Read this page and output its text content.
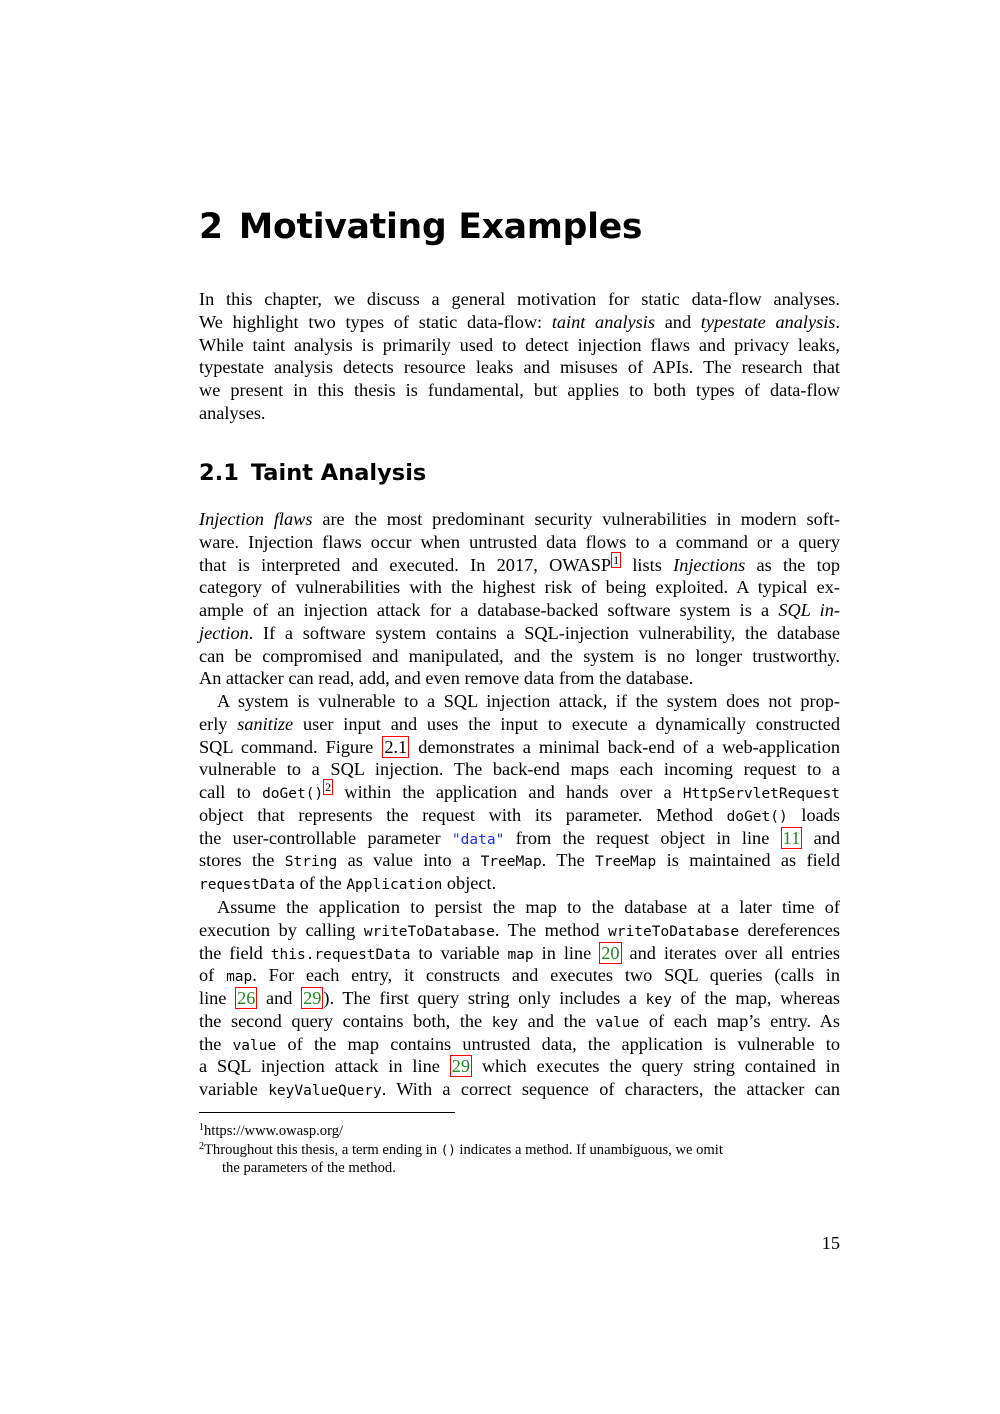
2 Motivating Examples
In this chapter, we discuss a general motivation for static data-flow analyses.
We highlight two types of static data-flow: taint analysis and typestate analysis.
While taint analysis is primarily used to detect injection flaws and privacy leaks,
typestate analysis detects resource leaks and misuses of APIs. The research that
we present in this thesis is fundamental, but applies to both types of data-flow
analyses.
2.1 Taint Analysis
Injection flaws are the most predominant security vulnerabilities in modern soft-
ware. Injection flaws occur when untrusted data flows to a command or a query
that is interpreted and executed. In 2017, OWASP $^1$ lists Injections as the top
category of vulnerabilities with the highest risk of being exploited. A typical ex-
ample of an injection attack for a database-backed software system is a SQL in-
jection. If a software system contains a SQL-injection vulnerability, the database
can be compromised and manipulated, and the system is no longer trustworthy.
An attacker can read, add, and even remove data from the database.
A system is vulnerable to a SQL injection attack, if the system does not prop-
erly sanitize user input and uses the input to execute a dynamically constructed
SQL command. Figure 2.1 demonstrates a minimal back-end of a web-application
vulnerable to a SQL injection. The back-end maps each incoming request to a
call to doGet() $^2$ within the application and hands over a HttpServletRequest
object that represents the request with its parameter. Method doGet() loads
the user-controllable parameter "data" from the request object in line 11 and
stores the String as value into a TreeMap. The TreeMap is maintained as field
requestData of the Application object.
Assume the application to persist the map to the database at a later time of
execution by calling writeToDatabase. The method writeToDatabase dereferences
the field this.requestData to variable map in line 20 and iterates over all entries
of map. For each entry, it constructs and executes two SQL queries (calls in
line 26 and 29 ). The first query string only includes a key of the map, whereas
the second query contains both, the key and the value of each map’s entry. As
the value of the map contains untrusted data, the application is vulnerable to
a SQL injection attack in line 29 which executes the query string contained in
variable keyValueQuery. With a correct sequence of characters, the attacker can
$^1$https://www.owasp.org/
$^2$Throughout this thesis, a term ending in () indicates a method. If unambiguous, we omit
the parameters of the method.
15
